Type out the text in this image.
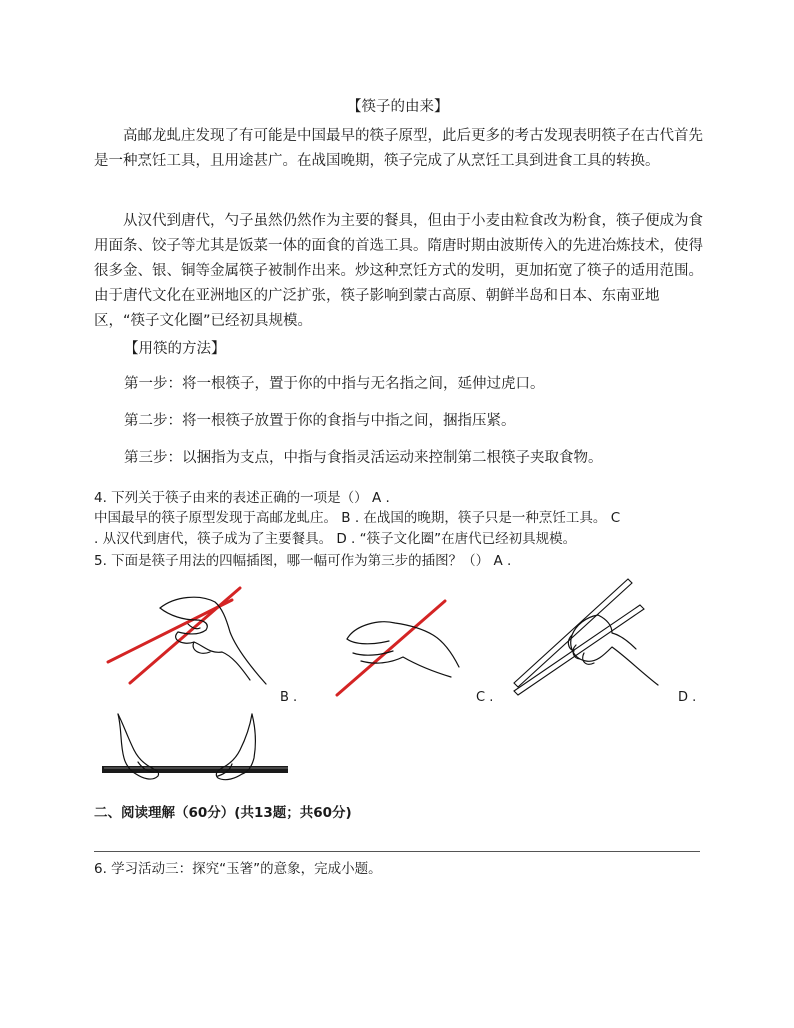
【筷子的由来】
高邮龙虬庄发现了有可能是中国最早的筷子原型，此后更多的考古发现表明筷子在古代首先是一种烹饪工具，且用途甚广。在战国晚期，筷子完成了从烹饪工具到进食工具的转换。
从汉代到唐代，勺子虽然仍然作为主要的餐具，但由于小麦由粒食改为粉食，筷子便成为食用面条、饺子等尤其是饭菜一体的面食的首选工具。隋唐时期由波斯传入的先进冶炼技术，使得很多金、银、铜等金属筷子被制作出来。炒这种烹饪方式的发明，更加拓宽了筷子的适用范围。由于唐代文化在亚洲地区的广泛扩张，筷子影响到蒙古高原、朝鲜半岛和日本、东南亚地区，“筷子文化圈”已经初具规模。
【用筷的方法】
第一步：将一根筷子，置于你的中指与无名指之间，延伸过虎口。
第二步：将一根筷子放置于你的食指与中指之间，捆指压紧。
第三步：以捆指为支点，中指与食指灵活运动来控制第二根筷子夹取食物。
4. 下列关于筷子由来的表述正确的一项是（） A .
中国最早的筷子原型发现于高邮龙虬庄。 B . 在战国的晚期，筷子只是一种烹饪工具。 C
. 从汉代到唐代，筷子成为了主要餐具。 D . “筷子文化圈”在唐代已经初具规模。
5. 下面是筷子用法的四幅插图，哪一幅可作为第三步的插图？（） A .
B .	C .	D .
二、阅读理解（60分）(共13题；共60分)
6. 学习活动三：探究“玉箸”的意象，完成小题。
